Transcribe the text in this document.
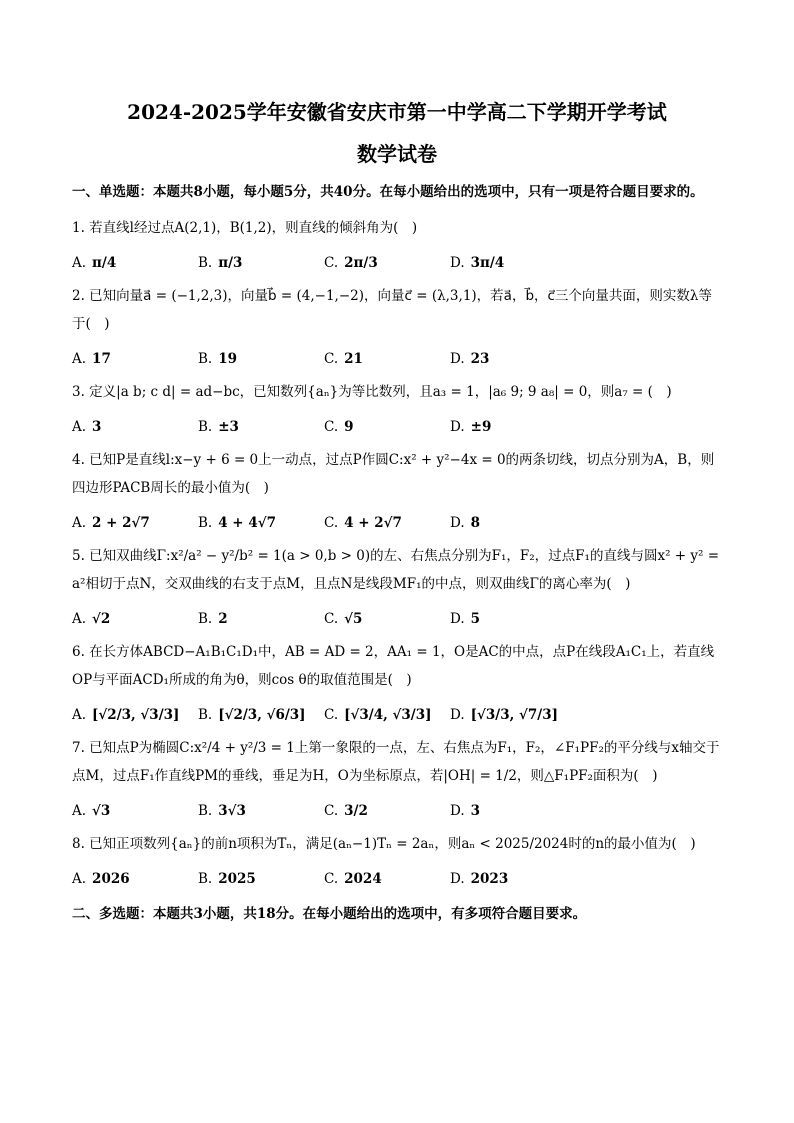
2024-2025学年安徽省安庆市第一中学高二下学期开学考试
数学试卷
一、单选题：本题共8小题，每小题5分，共40分。在每小题给出的选项中，只有一项是符合题目要求的。
1. 若直线l经过点A(2,1)，B(1,2)，则直线的倾斜角为(　)
A. π/4	B. π/3	C. 2π/3	D. 3π/4
2. 已知向量a⃗ = (−1,2,3)，向量b⃗ = (4,−1,−2)，向量c⃗ = (λ,3,1)，若a⃗，b⃗，c⃗三个向量共面，则实数λ等于(　)
A. 17	B. 19	C. 21	D. 23
3. 定义|a b; c d| = ad−bc，已知数列{aₙ}为等比数列，且a₃ = 1，|a₆ 9; 9 a₈| = 0，则a₇ = (　)
A. 3	B. ±3	C. 9	D. ±9
4. 已知P是直线l:x−y + 6 = 0上一动点，过点P作圆C:x² + y²−4x = 0的两条切线，切点分别为A，B，则四边形PACB周长的最小值为(　)
A. 2 + 2√7	B. 4 + 4√7	C. 4 + 2√7	D. 8
5. 已知双曲线Γ:x²/a² − y²/b² = 1(a > 0,b > 0)的左、右焦点分别为F₁，F₂，过点F₁的直线与圆x² + y² = a²相切于点N，交双曲线的右支于点M，且点N是线段MF₁的中点，则双曲线Γ的离心率为(　)
A. √2	B. 2	C. √5	D. 5
6. 在长方体ABCD−A₁B₁C₁D₁中，AB = AD = 2，AA₁ = 1，O是AC的中点，点P在线段A₁C₁上，若直线OP与平面ACD₁所成的角为θ，则cos θ的取值范围是(　)
A. [√2/3, √3/3]	B. [√2/3, √6/3]	C. [√3/4, √3/3]	D. [√3/3, √7/3]
7. 已知点P为椭圆C:x²/4 + y²/3 = 1上第一象限的一点，左、右焦点为F₁，F₂，∠F₁PF₂的平分线与x轴交于点M，过点F₁作直线PM的垂线，垂足为H，O为坐标原点，若|OH| = 1/2，则△F₁PF₂面积为(　)
A. √3	B. 3√3	C. 3/2	D. 3
8. 已知正项数列{aₙ}的前n项积为Tₙ，满足(aₙ−1)Tₙ = 2aₙ，则aₙ < 2025/2024时的n的最小值为(　)
A. 2026	B. 2025	C. 2024	D. 2023
二、多选题：本题共3小题，共18分。在每小题给出的选项中，有多项符合题目要求。
